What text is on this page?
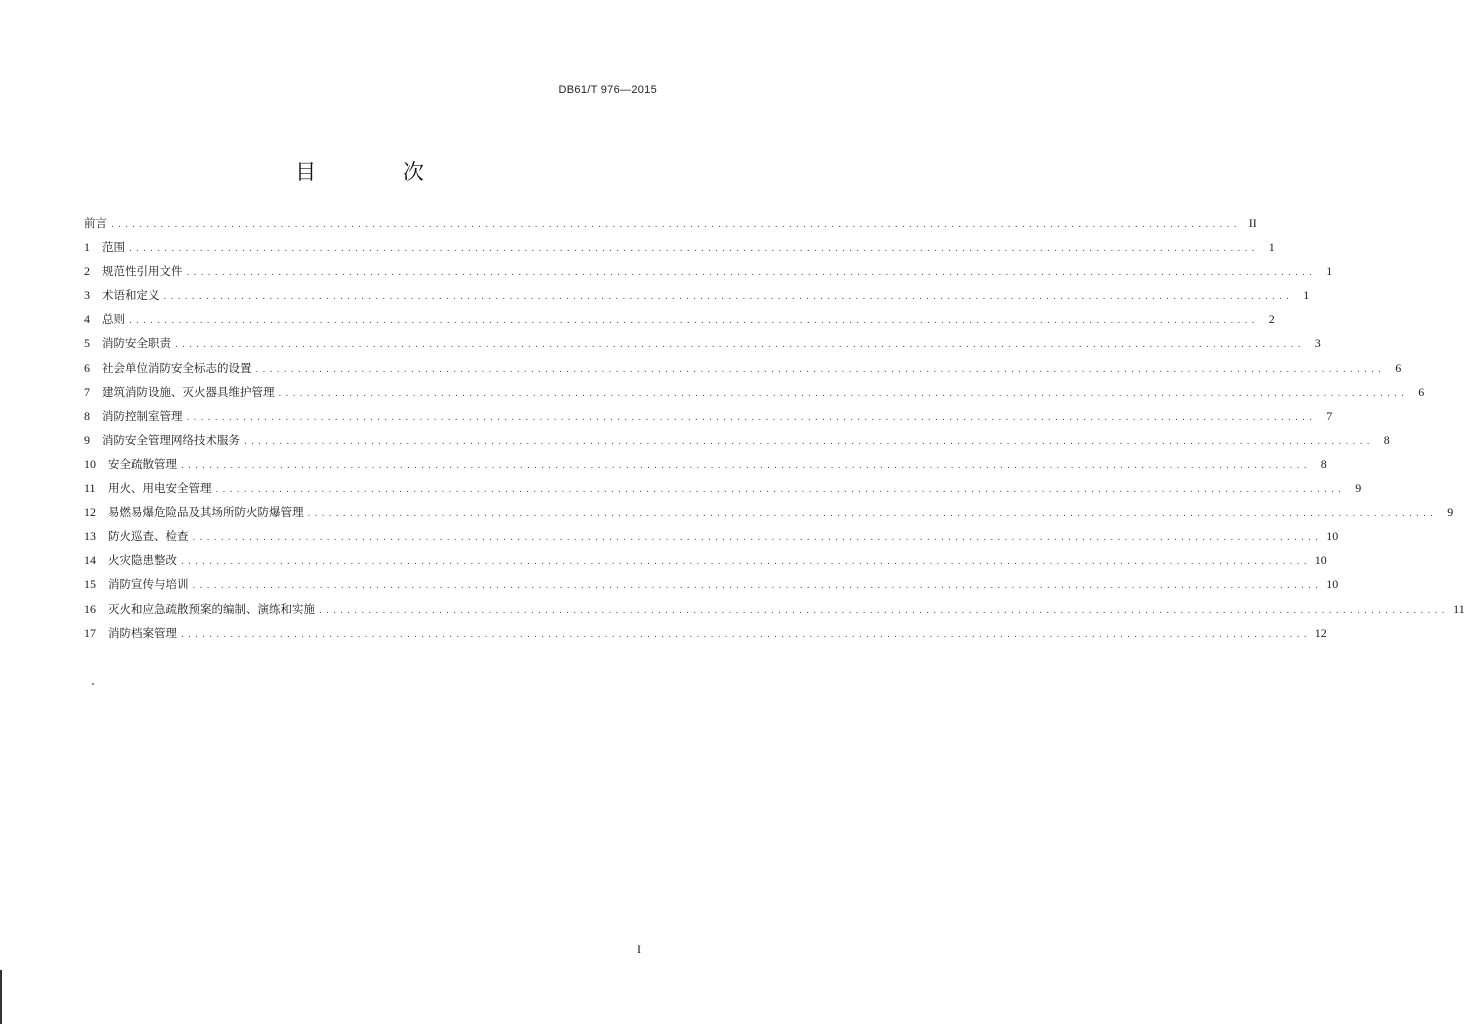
DB61/T 976—2015
目 次
前言 ................................................................................................................................................................ II
1	范围 ................................................................................................................................................................ 1
2	规范性引用文件 ................................................................................................................................................................ 1
3	术语和定义 ................................................................................................................................................................ 1
4	总则 ................................................................................................................................................................ 2
5	消防安全职责 ................................................................................................................................................................ 3
6	社会单位消防安全标志的设置 ................................................................................................................................................................ 6
7	建筑消防设施、灭火器具维护管理 ................................................................................................................................................................ 6
8	消防控制室管理 ................................................................................................................................................................ 7
9	消防安全管理网络技术服务 ................................................................................................................................................................ 8
10	安全疏散管理 ................................................................................................................................................................ 8
11	用火、用电安全管理 ................................................................................................................................................................ 9
12	易燃易爆危险品及其场所防火防爆管理 ................................................................................................................................................................ 9
13	防火巡查、检查 ................................................................................................................................................................ 10
14	火灾隐患整改 ................................................................................................................................................................ 10
15	消防宣传与培训 ................................................................................................................................................................ 10
16	灭火和应急疏散预案的编制、演练和实施 ................................................................................................................................................................ 11
17	消防档案管理 ................................................................................................................................................................ 12
I
